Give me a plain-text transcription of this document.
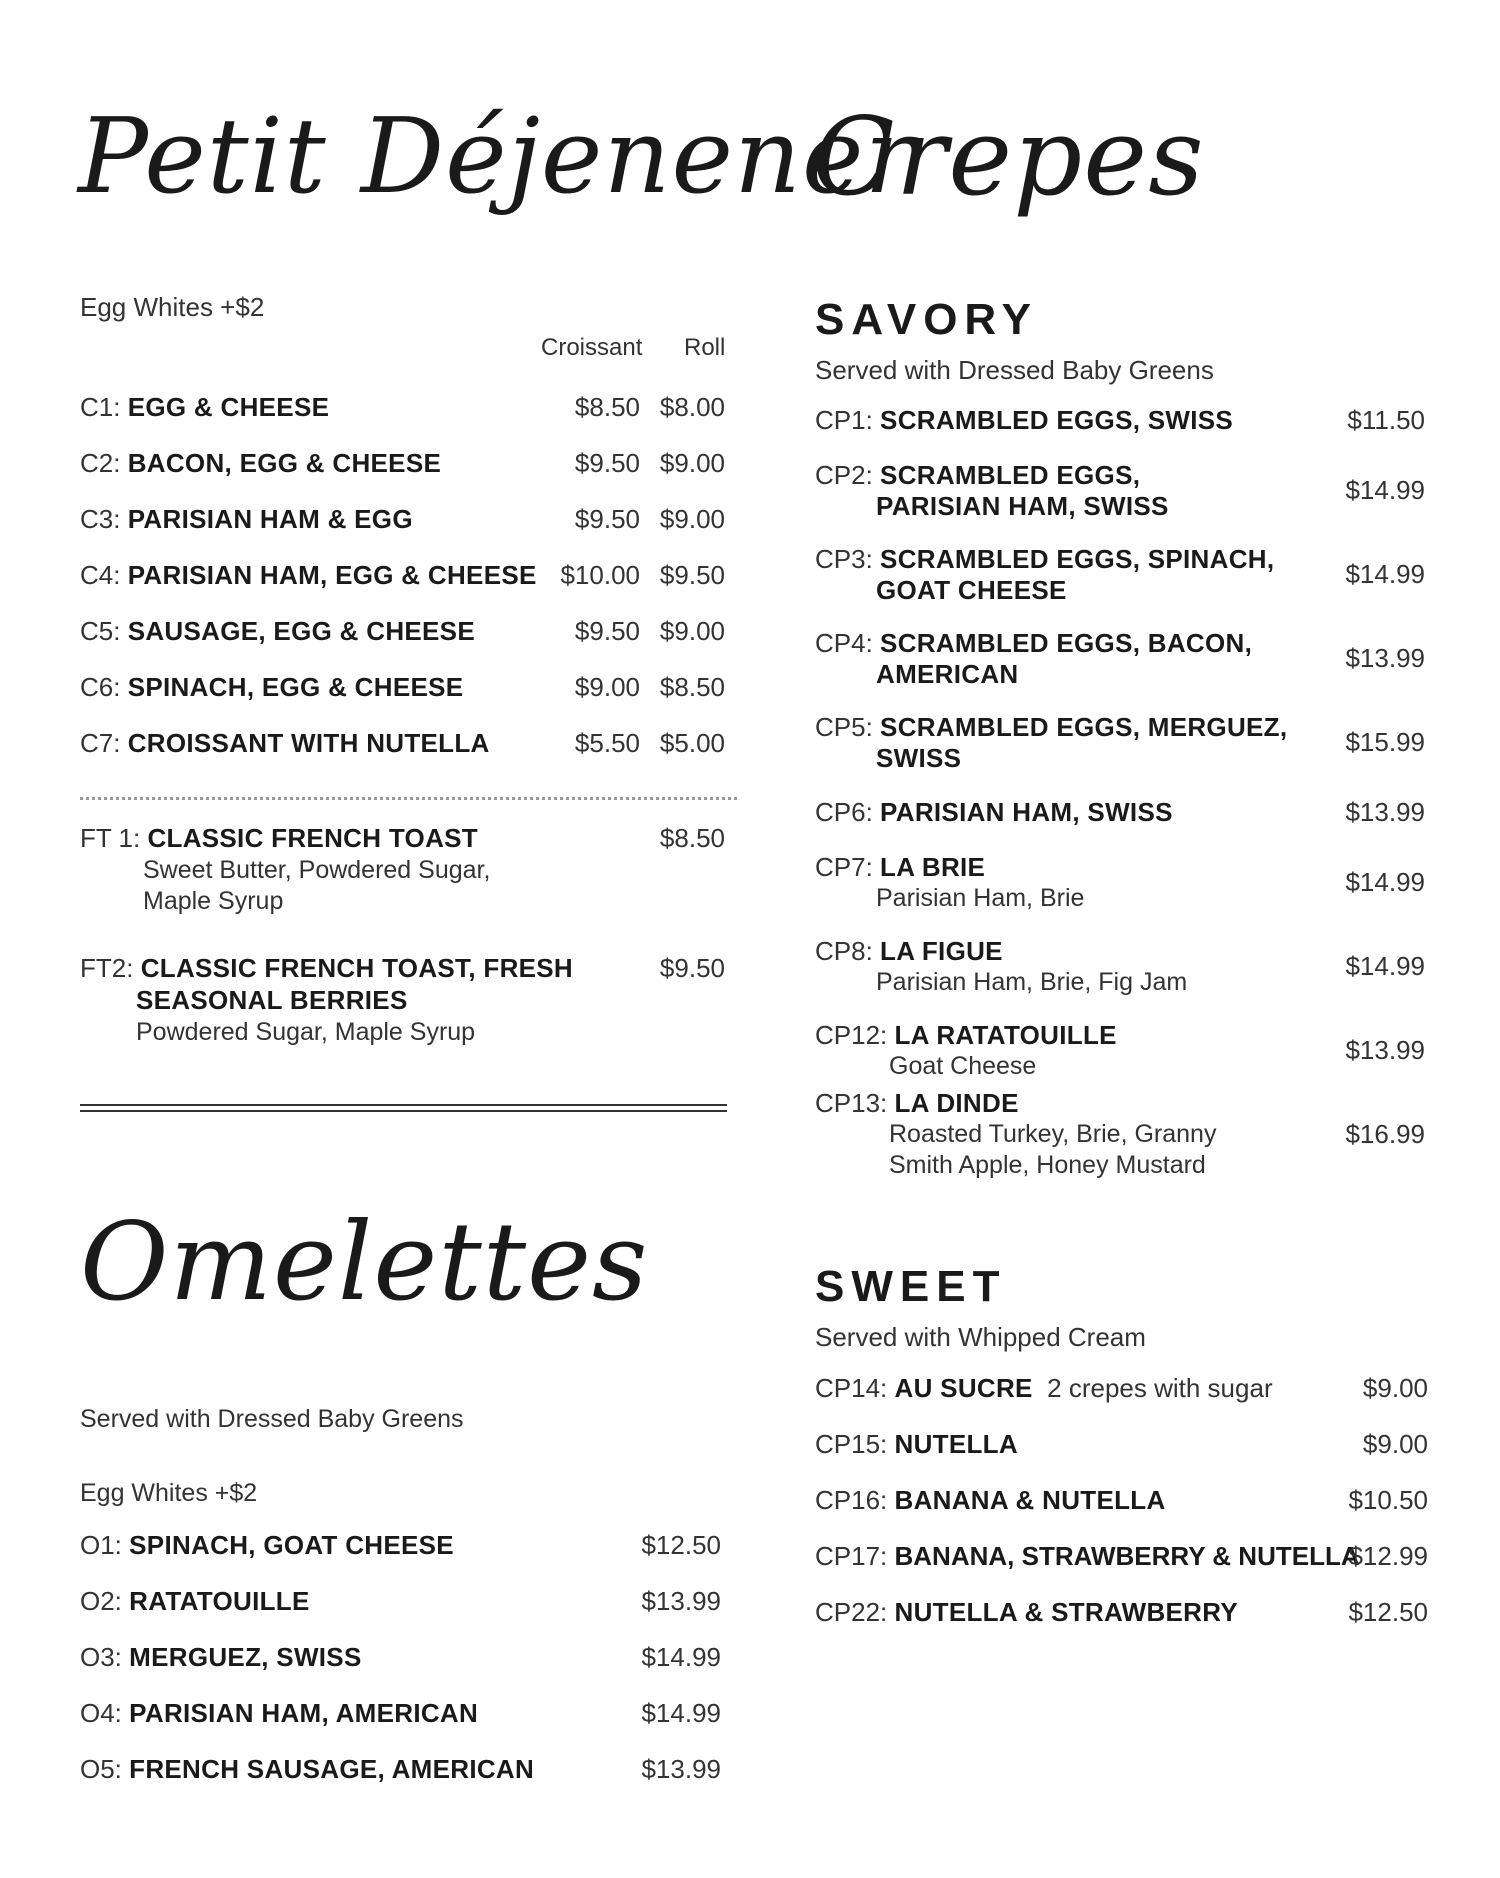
Petit Déjenener
Egg Whites +$2
Croissant Roll
C1: EGG & CHEESE	$8.50 $8.00
C2: BACON, EGG & CHEESE	$9.50 $9.00
C3: PARISIAN HAM & EGG	$9.50 $9.00
C4: PARISIAN HAM, EGG & CHEESE $10.00 $9.50
C5: SAUSAGE, EGG & CHEESE	$9.50 $9.00
C6: SPINACH, EGG & CHEESE	$9.00 $8.50
C7: CROISSANT WITH NUTELLA	$5.50 $5.00
FT 1: CLASSIC FRENCH TOAST	$8.50
Sweet Butter, Powdered Sugar,
Maple Syrup
FT2: CLASSIC FRENCH TOAST, FRESH	$9.50
SEASONAL BERRIES
Powdered Sugar, Maple Syrup
Omelettes
Served with Dressed Baby Greens
Egg Whites +$2
O1: SPINACH, GOAT CHEESE	$12.50
O2: RATATOUILLE	$13.99
O3: MERGUEZ, SWISS	$14.99
O4: PARISIAN HAM, AMERICAN	$14.99
O5: FRENCH SAUSAGE, AMERICAN	$13.99
Crepes
SAVORY
Served with Dressed Baby Greens
CP1: SCRAMBLED EGGS, SWISS	$11.50
CP2: SCRAMBLED EGGS,
PARISIAN HAM, SWISS
$14.99
CP3: SCRAMBLED EGGS, SPINACH,
GOAT CHEESE
$14.99
CP4: SCRAMBLED EGGS, BACON,
AMERICAN
$13.99
CP5: SCRAMBLED EGGS, MERGUEZ,
SWISS
$15.99
CP6: PARISIAN HAM, SWISS	$13.99
CP7: LA BRIE
Parisian Ham, Brie
$14.99
CP8: LA FIGUE
Parisian Ham, Brie, Fig Jam
$14.99
CP12: LA RATATOUILLE
Goat Cheese
$13.99
CP13: LA DINDE
Roasted Turkey, Brie, Granny
Smith Apple, Honey Mustard
$16.99
SWEET
Served with Whipped Cream
CP14: AU SUCRE 2 crepes with sugar	$9.00
CP15: NUTELLA	$9.00
CP16: BANANA & NUTELLA	$10.50
CP17: BANANA, STRAWBERRY & NUTELLA
$12.99
CP22: NUTELLA & STRAWBERRY	$12.50
